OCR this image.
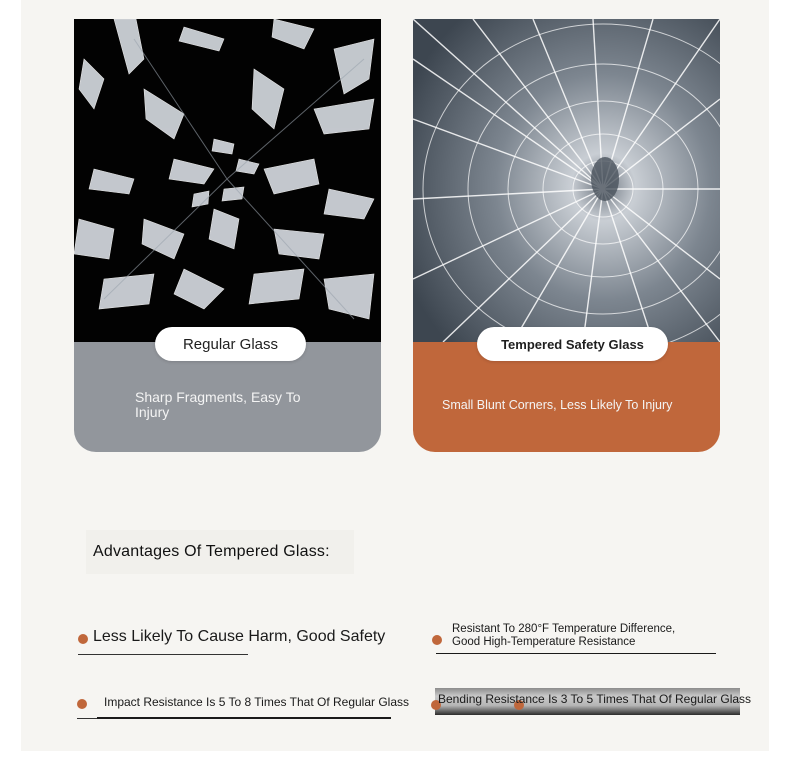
Regular Glass
Sharp Fragments, Easy To Injury
Tempered Safety Glass
Small Blunt Corners, Less Likely To Injury
Advantages Of Tempered Glass:
Less Likely To Cause Harm, Good Safety	Resistant To 280°F Temperature Difference,
Good High-Temperature Resistance
Impact Resistance Is 5 To 8 Times That Of Regular Glass Bending Resistance Is 3 To 5 Times That Of Regular Glass
